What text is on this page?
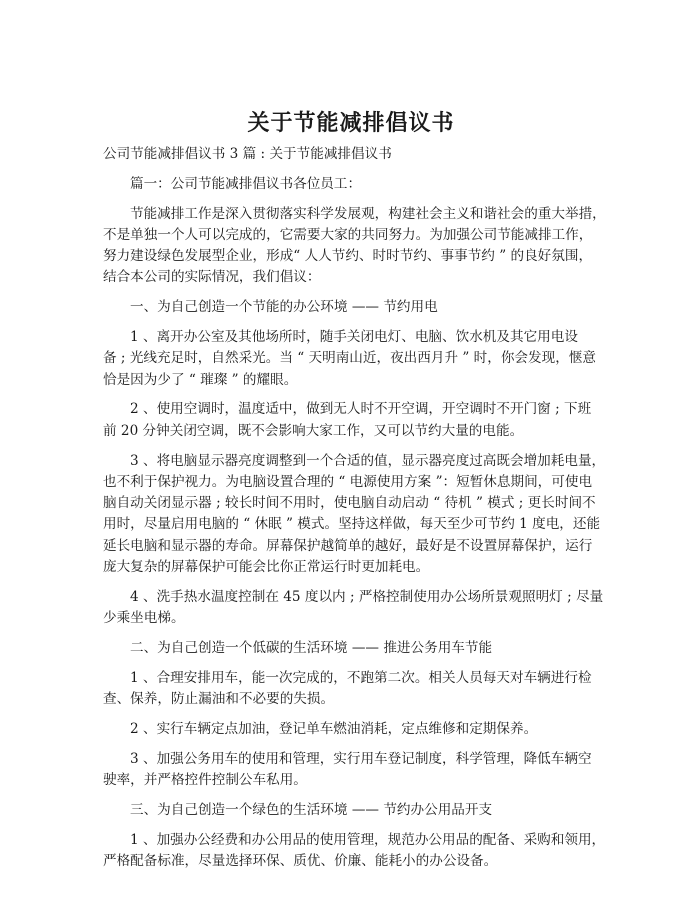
关于节能减排倡议书
公司节能减排倡议书 3 篇 : 关于节能减排倡议书
篇一：公司节能减排倡议书各位员工：
节能减排工作是深入贯彻落实科学发展观，构建社会主义和谐社会的重大举措，
不是单独一个人可以完成的，它需要大家的共同努力。为加强公司节能减排工作，
努力建设绿色发展型企业，形成“ 人人节约、时时节约、事事节约 ” 的良好氛围，
结合本公司的实际情况，我们倡议：
一、为自己创造一个节能的办公环境 —— 节约用电
1 、离开办公室及其他场所时，随手关闭电灯、电脑、饮水机及其它用电设
备 ; 光线充足时，自然采光。当 “ 天明南山近，夜出西月升 ” 时，你会发现，惬意
恰是因为少了 “ 璀璨 ” 的耀眼。
2 、使用空调时，温度适中，做到无人时不开空调，开空调时不开门窗 ; 下班
前 20 分钟关闭空调，既不会影响大家工作，又可以节约大量的电能。
3 、将电脑显示器亮度调整到一个合适的值，显示器亮度过高既会增加耗电量，
也不利于保护视力。为电脑设置合理的 “ 电源使用方案 ”：短暂休息期间，可使电
脑自动关闭显示器 ; 较长时间不用时，使电脑自动启动 “ 待机 ” 模式 ; 更长时间不
用时，尽量启用电脑的 “ 休眠 ” 模式。坚持这样做，每天至少可节约 1 度电，还能
延长电脑和显示器的寿命。屏幕保护越简单的越好，最好是不设置屏幕保护，运行
庞大复杂的屏幕保护可能会比你正常运行时更加耗电。
4 、洗手热水温度控制在 45 度以内 ; 严格控制使用办公场所景观照明灯 ; 尽量
少乘坐电梯。
二、为自己创造一个低碳的生活环境 —— 推进公务用车节能
1 、合理安排用车，能一次完成的，不跑第二次。相关人员每天对车辆进行检
查、保养，防止漏油和不必要的失损。
2 、实行车辆定点加油，登记单车燃油消耗，定点维修和定期保养。
3 、加强公务用车的使用和管理，实行用车登记制度，科学管理，降低车辆空
驶率，并严格控件控制公车私用。
三、为自己创造一个绿色的生活环境 —— 节约办公用品开支
1 、加强办公经费和办公用品的使用管理，规范办公用品的配备、采购和领用，
严格配备标准，尽量选择环保、质优、价廉、能耗小的办公设备。
